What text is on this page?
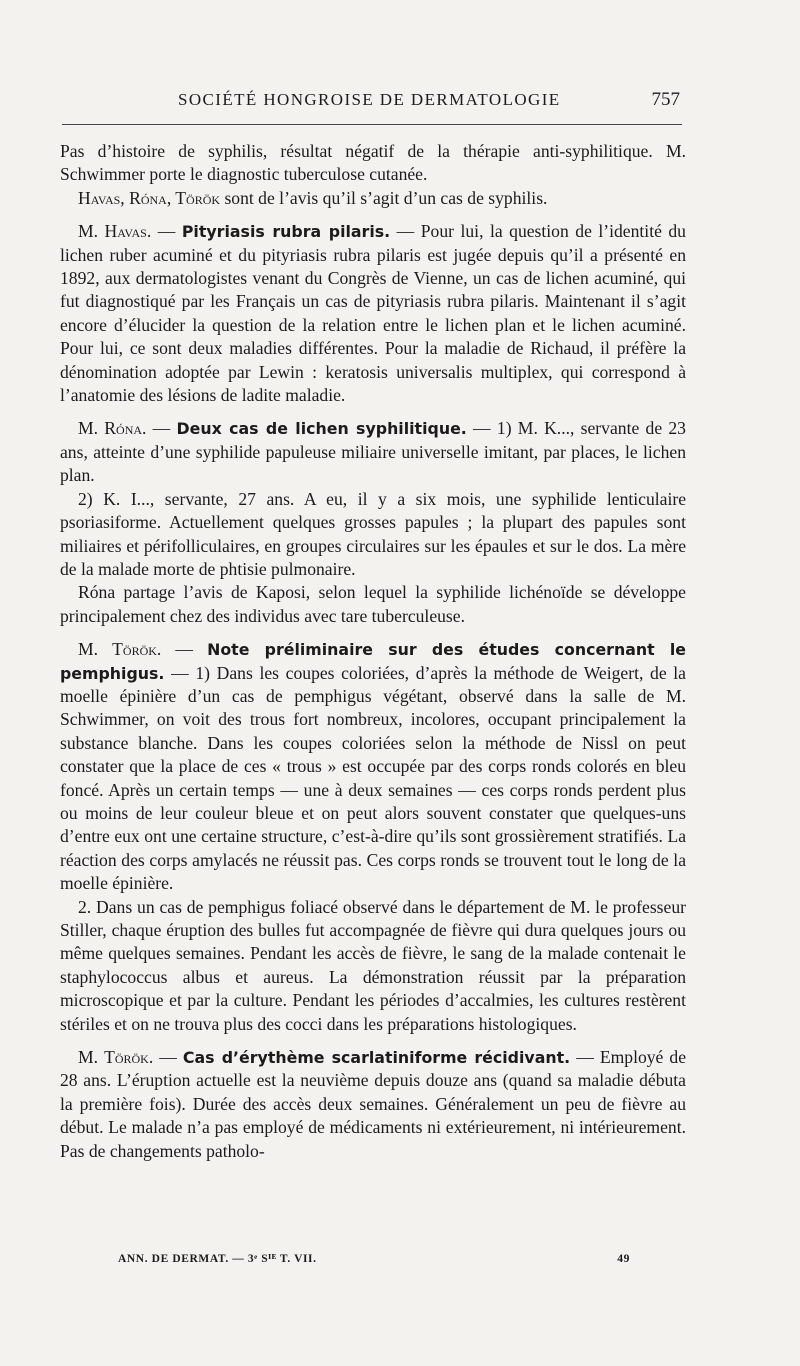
SOCIÉTÉ HONGROISE DE DERMATOLOGIE	757

Pas d’histoire de syphilis, résultat négatif de la thérapie anti-syphilitique. M. Schwimmer porte le diagnostic tuberculose cutanée.

Havas, Róna, Török sont de l’avis qu’il s’agit d’un cas de syphilis.

M. Havas. — Pityriasis rubra pilaris. — Pour lui, la question de l’identité du lichen ruber acuminé et du pityriasis rubra pilaris est jugée depuis qu’il a présenté en 1892, aux dermatologistes venant du Congrès de Vienne, un cas de lichen acuminé, qui fut diagnostiqué par les Français un cas de pityriasis rubra pilaris. Maintenant il s’agit encore d’élucider la question de la relation entre le lichen plan et le lichen acuminé. Pour lui, ce sont deux maladies différentes. Pour la maladie de Richaud, il préfère la dénomination adoptée par Lewin : keratosis universalis multiplex, qui correspond à l’anatomie des lésions de ladite maladie.

M. Róna. — Deux cas de lichen syphilitique. — 1) M. K..., servante de 23 ans, atteinte d’une syphilide papuleuse miliaire universelle imitant, par places, le lichen plan.

2) K. I..., servante, 27 ans. A eu, il y a six mois, une syphilide lenticulaire psoriasiforme. Actuellement quelques grosses papules ; la plupart des papules sont miliaires et périfolliculaires, en groupes circulaires sur les épaules et sur le dos. La mère de la malade morte de phtisie pulmonaire.

Róna partage l’avis de Kaposi, selon lequel la syphilide lichénoïde se développe principalement chez des individus avec tare tuberculeuse.

M. Török. — Note préliminaire sur des études concernant le pemphigus. — 1) Dans les coupes coloriées, d’après la méthode de Weigert, de la moelle épinière d’un cas de pemphigus végétant, observé dans la salle de M. Schwimmer, on voit des trous fort nombreux, incolores, occupant principalement la substance blanche. Dans les coupes coloriées selon la méthode de Nissl on peut constater que la place de ces « trous » est occupée par des corps ronds colorés en bleu foncé. Après un certain temps — une à deux semaines — ces corps ronds perdent plus ou moins de leur couleur bleue et on peut alors souvent constater que quelques-uns d’entre eux ont une certaine structure, c’est-à-dire qu’ils sont grossièrement stratifiés. La réaction des corps amylacés ne réussit pas. Ces corps ronds se trouvent tout le long de la moelle épinière.

2. Dans un cas de pemphigus foliacé observé dans le département de M. le professeur Stiller, chaque éruption des bulles fut accompagnée de fièvre qui dura quelques jours ou même quelques semaines. Pendant les accès de fièvre, le sang de la malade contenait le staphylococcus albus et aureus. La démonstration réussit par la préparation microscopique et par la culture. Pendant les périodes d’accalmies, les cultures restèrent stériles et on ne trouva plus des cocci dans les préparations histologiques.

M. Török. — Cas d’érythème scarlatiniforme récidivant. — Employé de 28 ans. L’éruption actuelle est la neuvième depuis douze ans (quand sa maladie débuta la première fois). Durée des accès deux semaines. Généralement un peu de fièvre au début. Le malade n’a pas employé de médicaments ni extérieurement, ni intérieurement. Pas de changements patholo-

ANN. DE DERMAT. — 3ᵉ Sᴵᴱ T. VII.	49
